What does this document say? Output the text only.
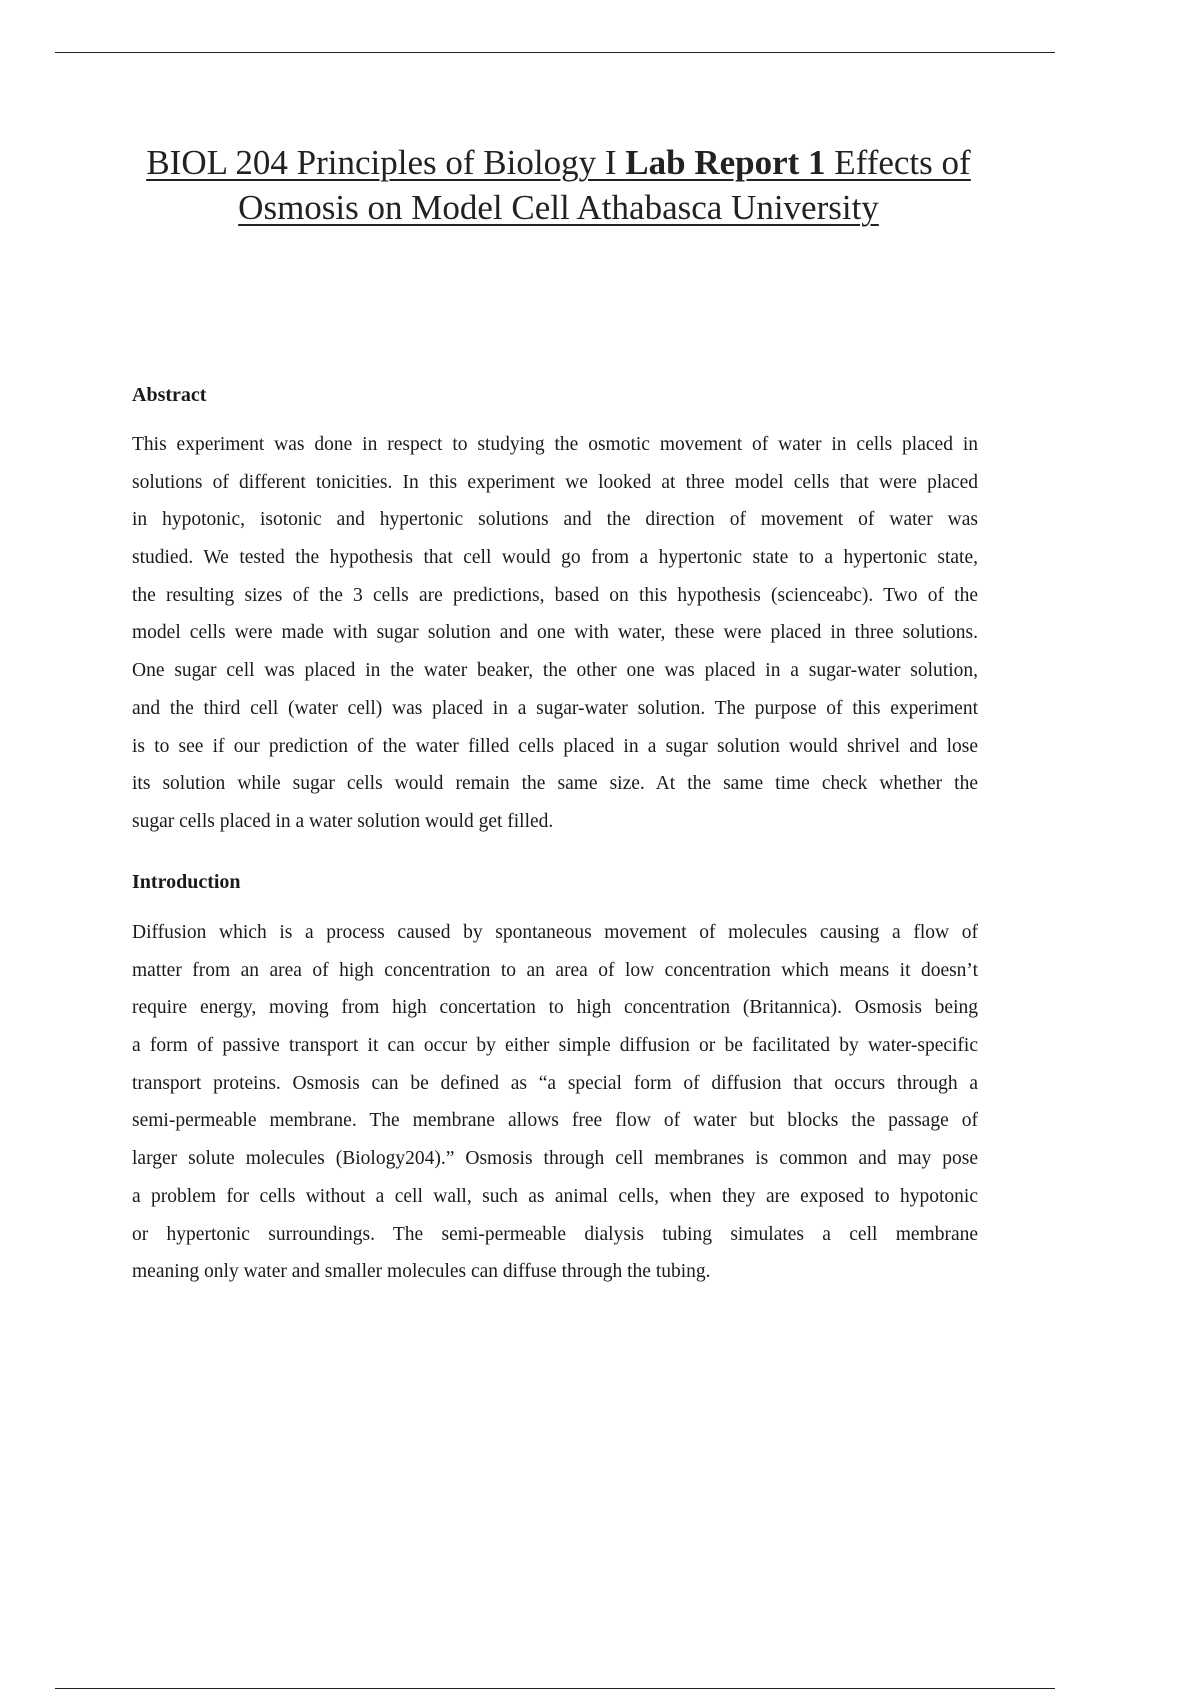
BIOL 204 Principles of Biology I Lab Report 1 Effects of
Osmosis on Model Cell Athabasca University
Abstract
This experiment was done in respect to studying the osmotic movement of water in cells placed in
solutions of different tonicities. In this experiment we looked at three model cells that were placed
in hypotonic, isotonic and hypertonic solutions and the direction of movement of water was
studied. We tested the hypothesis that cell would go from a hypertonic state to a hypertonic state,
the resulting sizes of the 3 cells are predictions, based on this hypothesis (scienceabc). Two of the
model cells were made with sugar solution and one with water, these were placed in three solutions.
One sugar cell was placed in the water beaker, the other one was placed in a sugar-water solution,
and the third cell (water cell) was placed in a sugar-water solution. The purpose of this experiment
is to see if our prediction of the water filled cells placed in a sugar solution would shrivel and lose
its solution while sugar cells would remain the same size. At the same time check whether the
sugar cells placed in a water solution would get filled.
Introduction
Diffusion which is a process caused by spontaneous movement of molecules causing a flow of
matter from an area of high concentration to an area of low concentration which means it doesn’t
require energy, moving from high concertation to high concentration (Britannica). Osmosis being
a form of passive transport it can occur by either simple diffusion or be facilitated by water-specific
transport proteins. Osmosis can be defined as “a special form of diffusion that occurs through a
semi-permeable membrane. The membrane allows free flow of water but blocks the passage of
larger solute molecules (Biology204).” Osmosis through cell membranes is common and may pose
a problem for cells without a cell wall, such as animal cells, when they are exposed to hypotonic
or hypertonic surroundings. The semi-permeable dialysis tubing simulates a cell membrane
meaning only water and smaller molecules can diffuse through the tubing.
